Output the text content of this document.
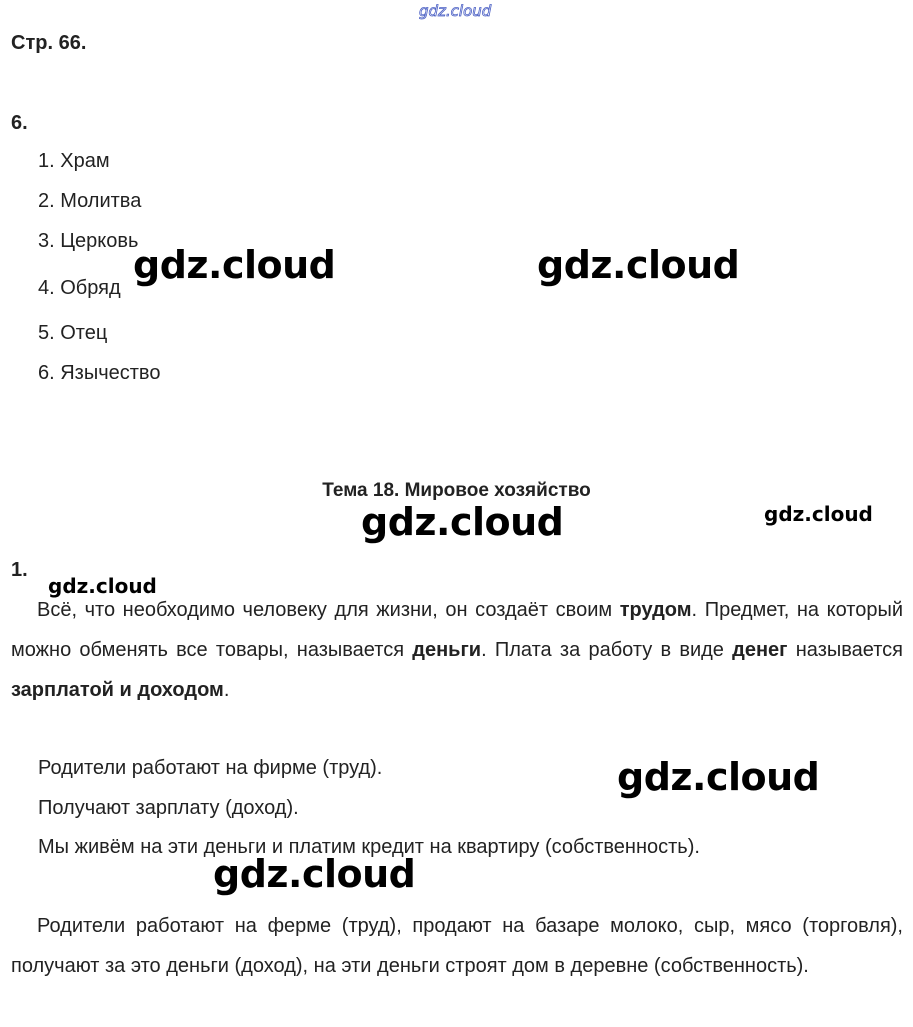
gdz.cloud
Стр. 66.
6.
1. Храм
2. Молитва
3. Церковь
4. Обряд
5. Отец
6. Язычество
Тема 18. Мировое хозяйство
1.
Всё, что необходимо человеку для жизни, он создаёт своим трудом. Предмет, на который можно обменять все товары, называется деньги. Плата за работу в виде денег называется зарплатой и доходом.
Родители работают на фирме (труд).
Получают зарплату (доход).
Мы живём на эти деньги и платим кредит на квартиру (собственность).
Родители работают на ферме (труд), продают на базаре молоко, сыр, мясо (торговля), получают за это деньги (доход), на эти деньги строят дом в деревне (собственность).
gdz.cloud	gdz.cloud
gdz.cloud	gdz.cloud
gdz.cloud
gdz.cloud
gdz.cloud
